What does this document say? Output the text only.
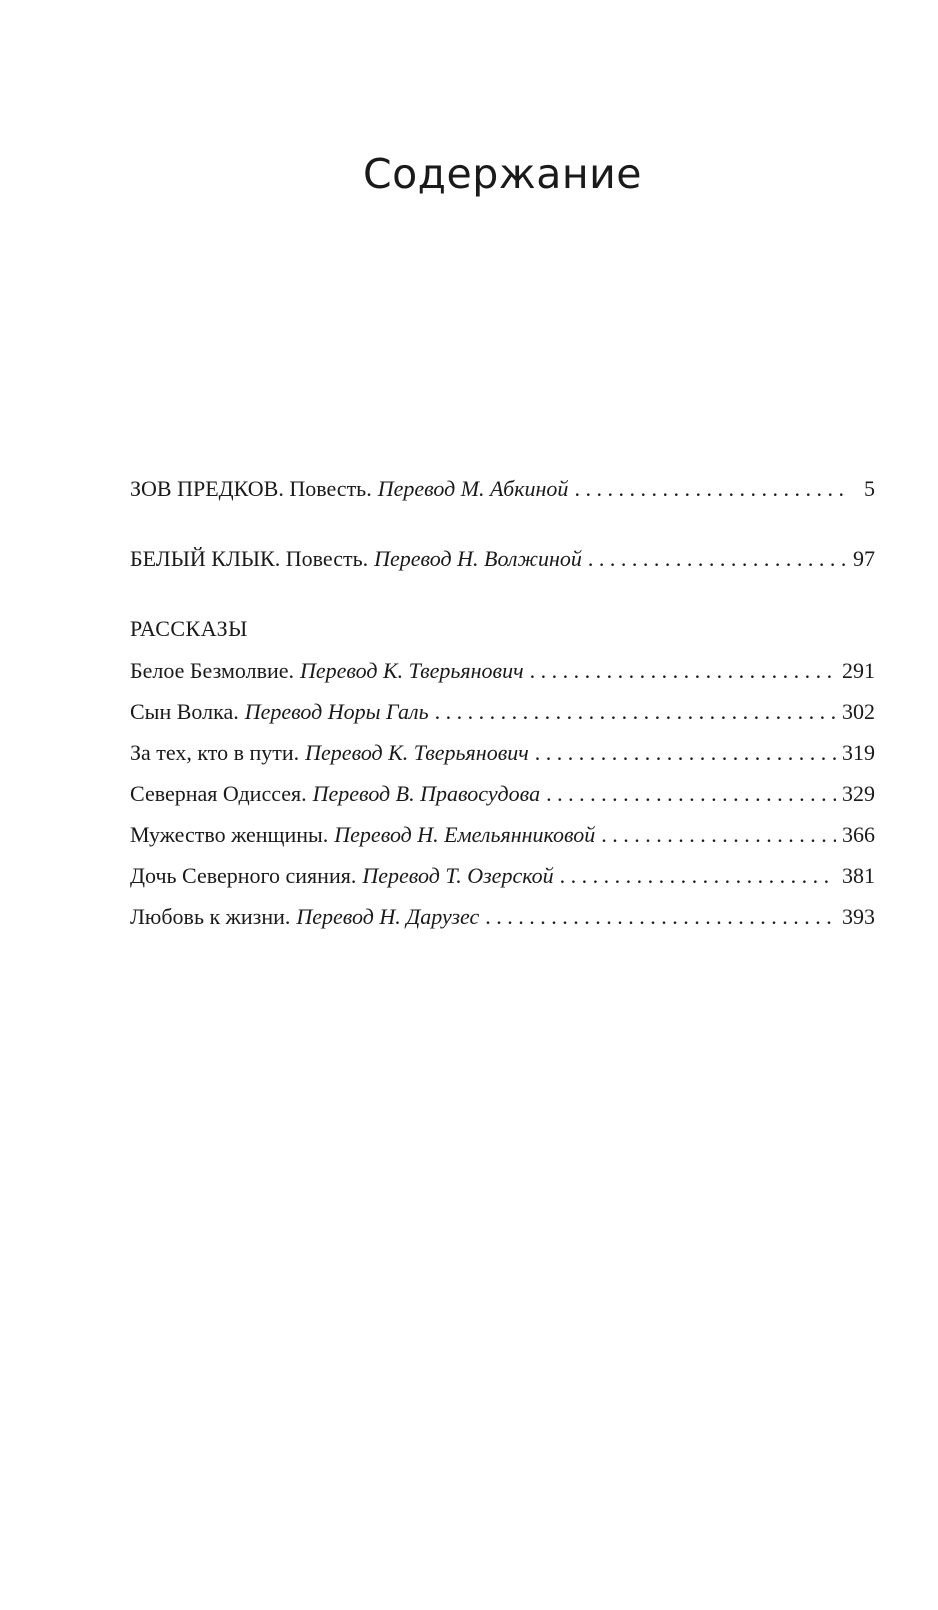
Содержание
ЗОВ ПРЕДКОВ. Повесть. Перевод М. Абкиной . . .	5
БЕЛЫЙ КЛЫК. Повесть. Перевод Н. Волжиной . . .	97
РАССКАЗЫ
Белое Безмолвие. Перевод К. Тверьянович . . .	291
Сын Волка. Перевод Норы Галь . . .	302
За тех, кто в пути. Перевод К. Тверьянович . . .	319
Северная Одиссея. Перевод В. Правосудова . . .	329
Мужество женщины. Перевод Н. Емельянниковой . . .	366
Дочь Северного сияния. Перевод Т. Озерской . . .	381
Любовь к жизни. Перевод Н. Дарузес . . .	393
